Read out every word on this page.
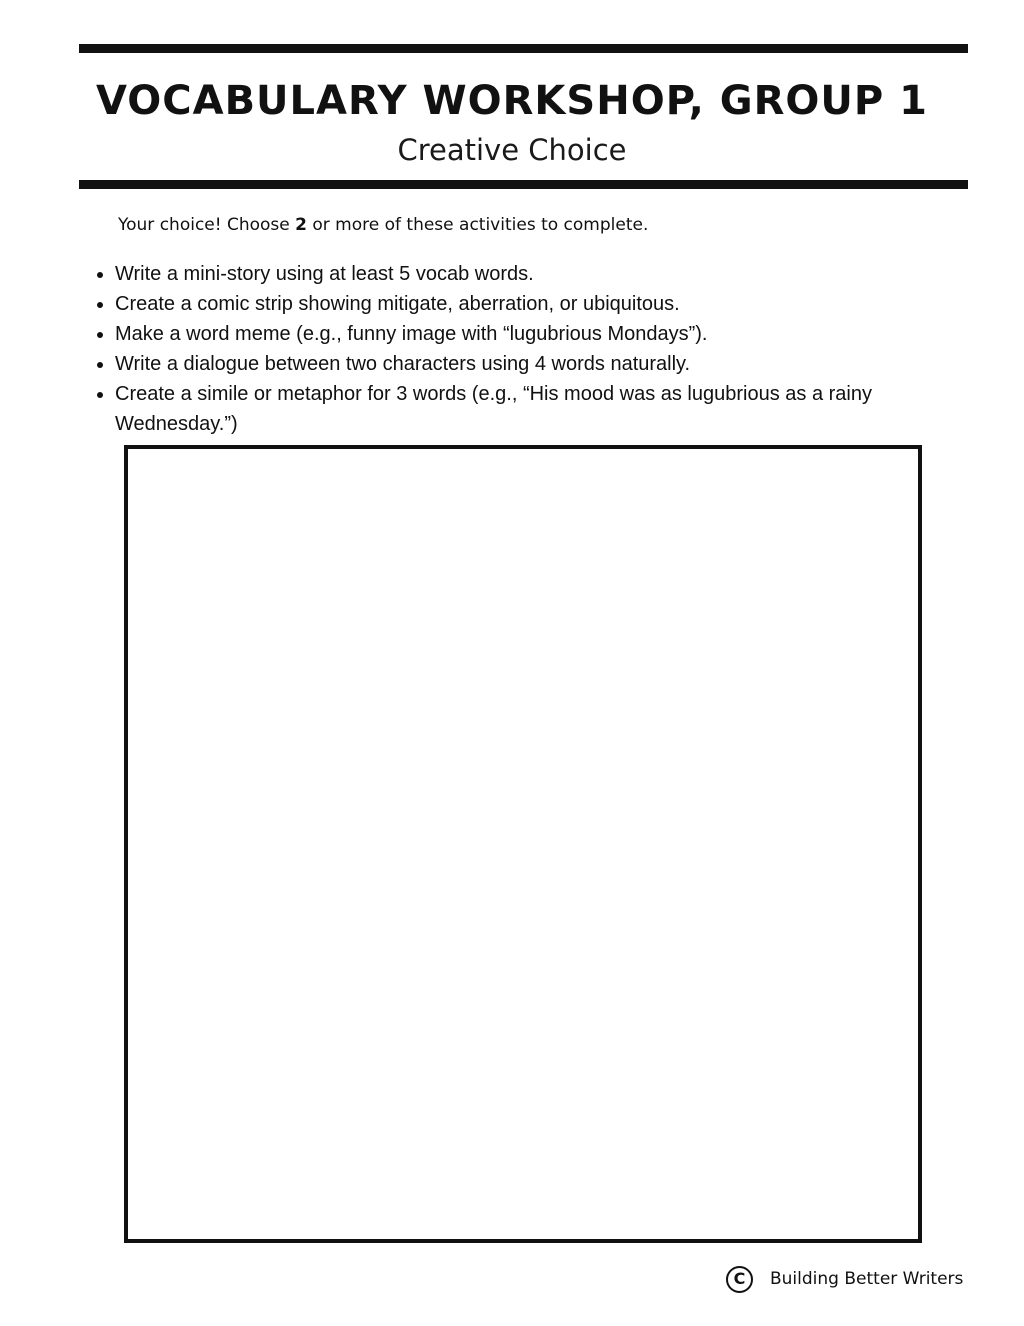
VOCABULARY WORKSHOP, GROUP 1
Creative Choice
Your choice! Choose 2 or more of these activities to complete.
• Write a mini-story using at least 5 vocab words.
• Create a comic strip showing mitigate, aberration, or ubiquitous.
• Make a word meme (e.g., funny image with “lugubrious Mondays”).
• Write a dialogue between two characters using 4 words naturally.
• Create a simile or metaphor for 3 words (e.g., “His mood was as lugubrious as a rainy Wednesday.”)
C	Building Better Writers
